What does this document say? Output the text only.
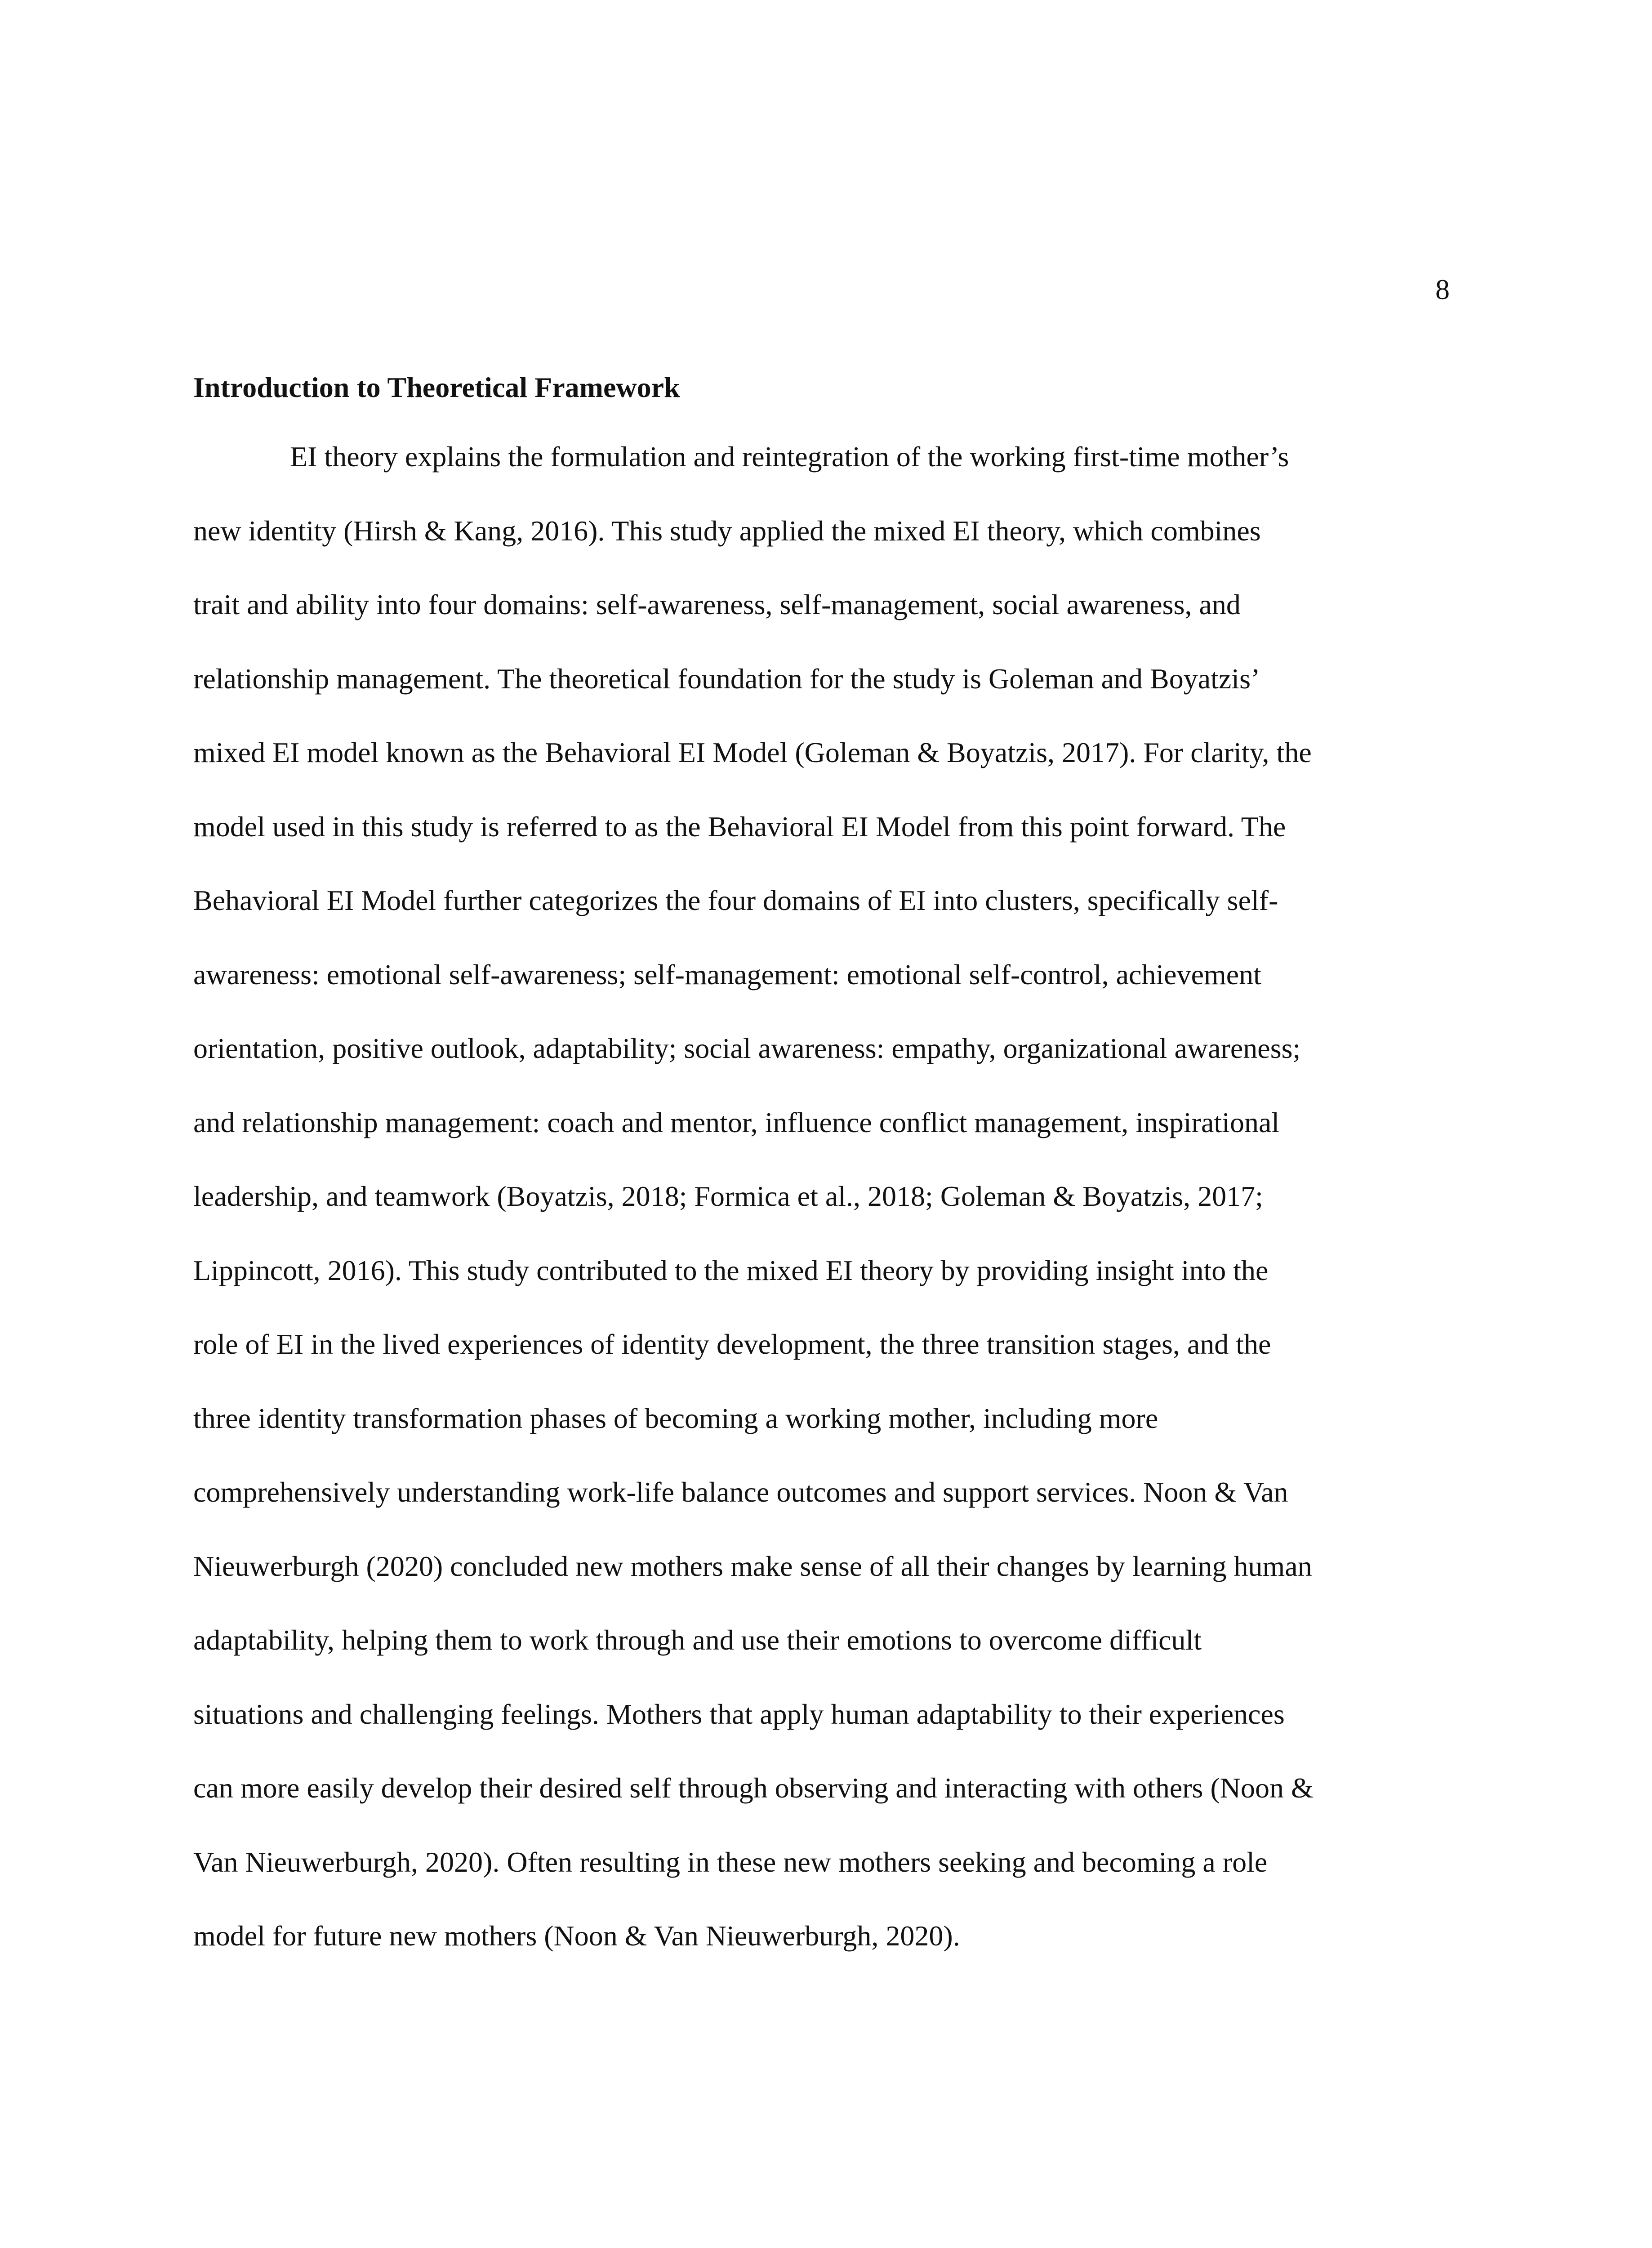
8
Introduction to Theoretical Framework
EI theory explains the formulation and reintegration of the working first-time mother’s
new identity (Hirsh & Kang, 2016). This study applied the mixed EI theory, which combines
trait and ability into four domains: self-awareness, self-management, social awareness, and
relationship management. The theoretical foundation for the study is Goleman and Boyatzis’
mixed EI model known as the Behavioral EI Model (Goleman & Boyatzis, 2017). For clarity, the
model used in this study is referred to as the Behavioral EI Model from this point forward. The
Behavioral EI Model further categorizes the four domains of EI into clusters, specifically self-
awareness: emotional self-awareness; self-management: emotional self-control, achievement
orientation, positive outlook, adaptability; social awareness: empathy, organizational awareness;
and relationship management: coach and mentor, influence conflict management, inspirational
leadership, and teamwork (Boyatzis, 2018; Formica et al., 2018; Goleman & Boyatzis, 2017;
Lippincott, 2016). This study contributed to the mixed EI theory by providing insight into the
role of EI in the lived experiences of identity development, the three transition stages, and the
three identity transformation phases of becoming a working mother, including more
comprehensively understanding work-life balance outcomes and support services. Noon & Van
Nieuwerburgh (2020) concluded new mothers make sense of all their changes by learning human
adaptability, helping them to work through and use their emotions to overcome difficult
situations and challenging feelings. Mothers that apply human adaptability to their experiences
can more easily develop their desired self through observing and interacting with others (Noon &
Van Nieuwerburgh, 2020). Often resulting in these new mothers seeking and becoming a role
model for future new mothers (Noon & Van Nieuwerburgh, 2020).
